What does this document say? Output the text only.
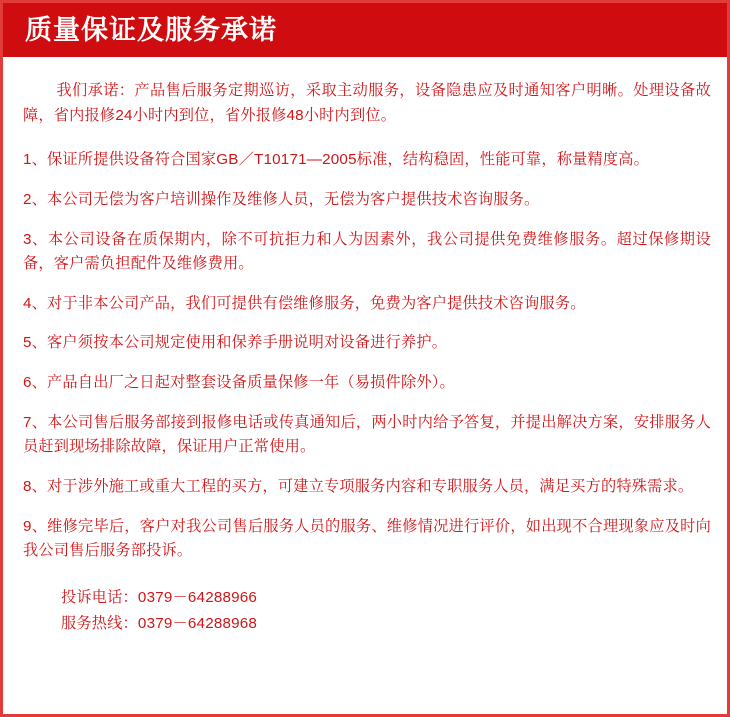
质量保证及服务承诺

我们承诺：产品售后服务定期巡访，采取主动服务，设备隐患应及时通知客户明晰。处理设备故障，省内报修24小时内到位，省外报修48小时内到位。

1、保证所提供设备符合国家GB／T10171—2005标准，结构稳固，性能可靠，称量精度高。

2、本公司无偿为客户培训操作及维修人员，无偿为客户提供技术咨询服务。

3、本公司设备在质保期内，除不可抗拒力和人为因素外，我公司提供免费维修服务。超过保修期设备，客户需负担配件及维修费用。

4、对于非本公司产品，我们可提供有偿维修服务，免费为客户提供技术咨询服务。

5、客户须按本公司规定使用和保养手册说明对设备进行养护。

6、产品自出厂之日起对整套设备质量保修一年（易损件除外）。

7、本公司售后服务部接到报修电话或传真通知后，两小时内给予答复，并提出解决方案，安排服务人员赶到现场排除故障，保证用户正常使用。

8、对于涉外施工或重大工程的买方，可建立专项服务内容和专职服务人员，满足买方的特殊需求。

9、维修完毕后，客户对我公司售后服务人员的服务、维修情况进行评价，如出现不合理现象应及时向我公司售后服务部投诉。

投诉电话：0379－64288966
服务热线：0379－64288968
